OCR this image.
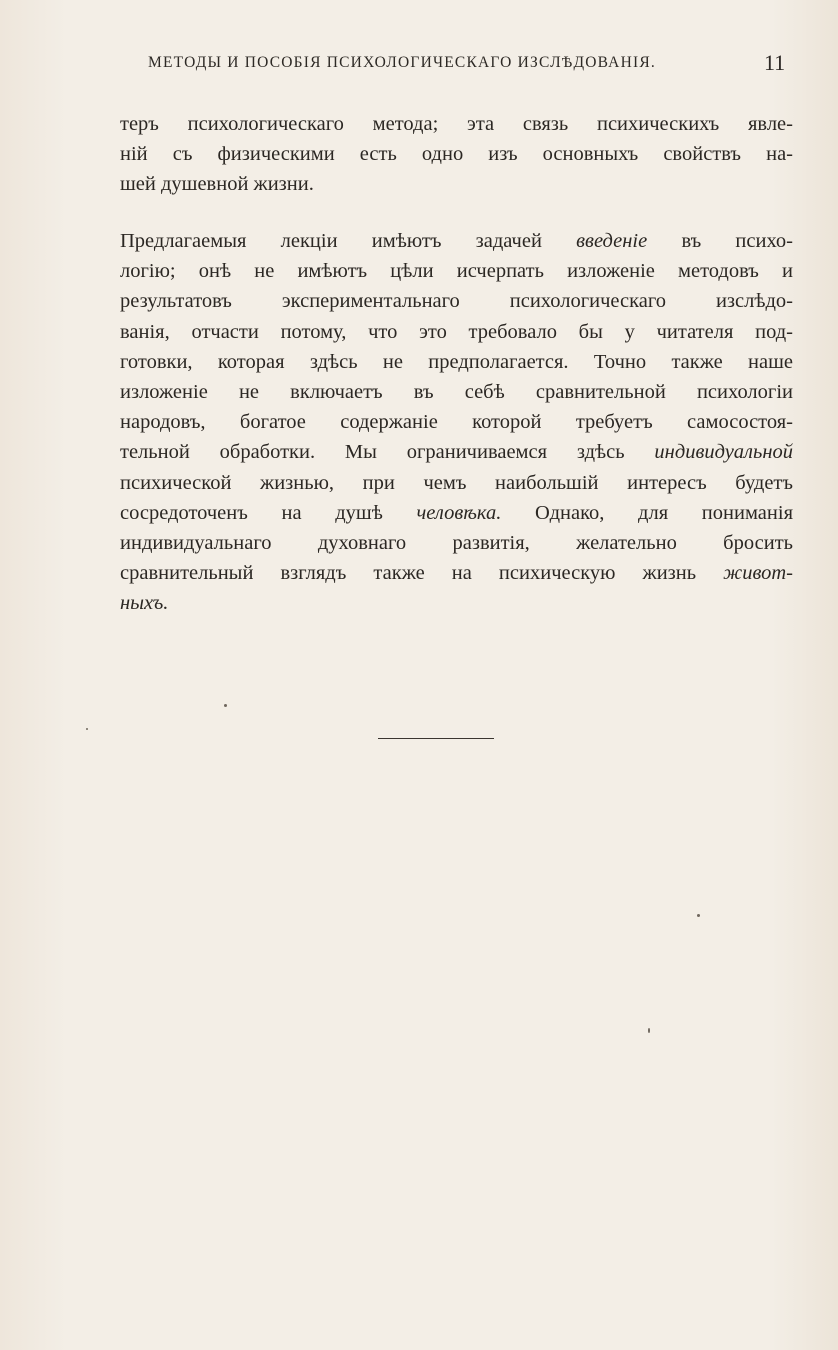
МЕТОДЫ И ПОСОБІЯ ПСИХОЛОГИЧЕСКАГО ИЗСЛѢДОВАНІЯ.	11
теръ психологическаго метода; эта связь психическихъ явле-
ній съ физическими есть одно изъ основныхъ свойствъ на-
шей душевной жизни.
Предлагаемыя лекціи имѣютъ задачей введеніе въ психо-
логію; онѣ не имѣютъ цѣли исчерпать изложеніе методовъ и
результатовъ экспериментальнаго психологическаго изслѣдо-
ванія, отчасти потому, что это требовало бы у читателя под-
готовки, которая здѣсь не предполагается. Точно также наше
изложеніе не включаетъ въ себѣ сравнительной психологіи
народовъ, богатое содержаніе которой требуетъ самосостоя-
тельной обработки. Мы ограничиваемся здѣсь индивидуальной
психической жизнью, при чемъ наибольшій интересъ будетъ
сосредоточенъ на душѣ человѣка. Однако, для пониманія
индивидуальнаго духовнаго развитія, желательно бросить
сравнительный взглядъ также на психическую жизнь живот-
ныхъ.
